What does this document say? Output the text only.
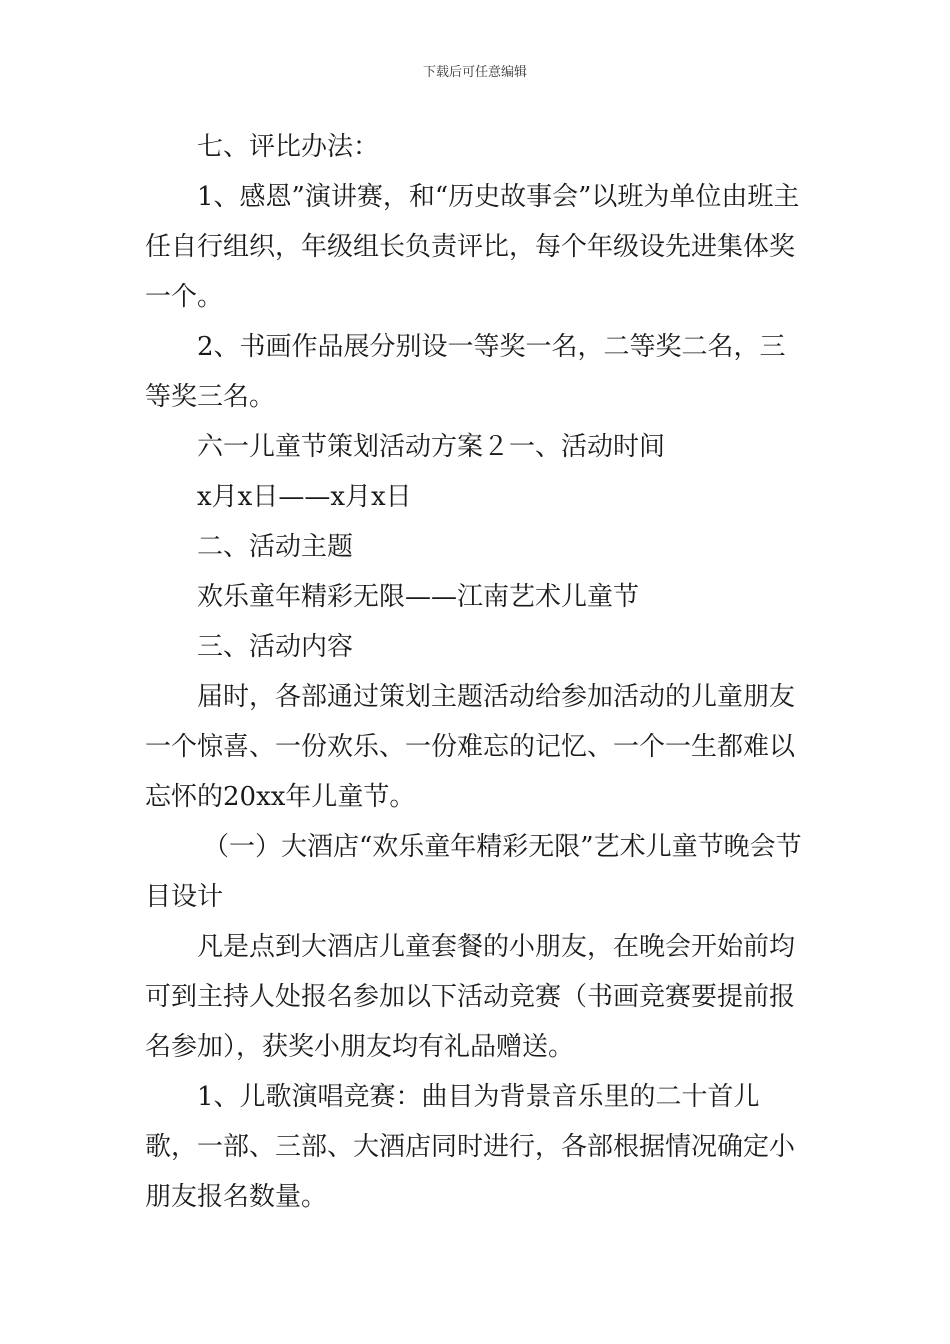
下载后可任意编辑

七、评比办法：

1、感恩”演讲赛，和“历史故事会”以班为单位由班主任自行组织，年级组长负责评比，每个年级设先进集体奖一个。

2、书画作品展分别设一等奖一名，二等奖二名，三等奖三名。

六一儿童节策划活动方案２一、活动时间

x月x日——x月x日

二、活动主题

欢乐童年精彩无限——江南艺术儿童节

三、活动内容

届时，各部通过策划主题活动给参加活动的儿童朋友一个惊喜、一份欢乐、一份难忘的记忆、一个一生都难以忘怀的20xx年儿童节。

（一）大酒店“欢乐童年精彩无限”艺术儿童节晚会节目设计

凡是点到大酒店儿童套餐的小朋友，在晚会开始前均可到主持人处报名参加以下活动竞赛（书画竞赛要提前报名参加），获奖小朋友均有礼品赠送。

1、儿歌演唱竞赛：曲目为背景音乐里的二十首儿歌，一部、三部、大酒店同时进行，各部根据情况确定小朋友报名数量。
